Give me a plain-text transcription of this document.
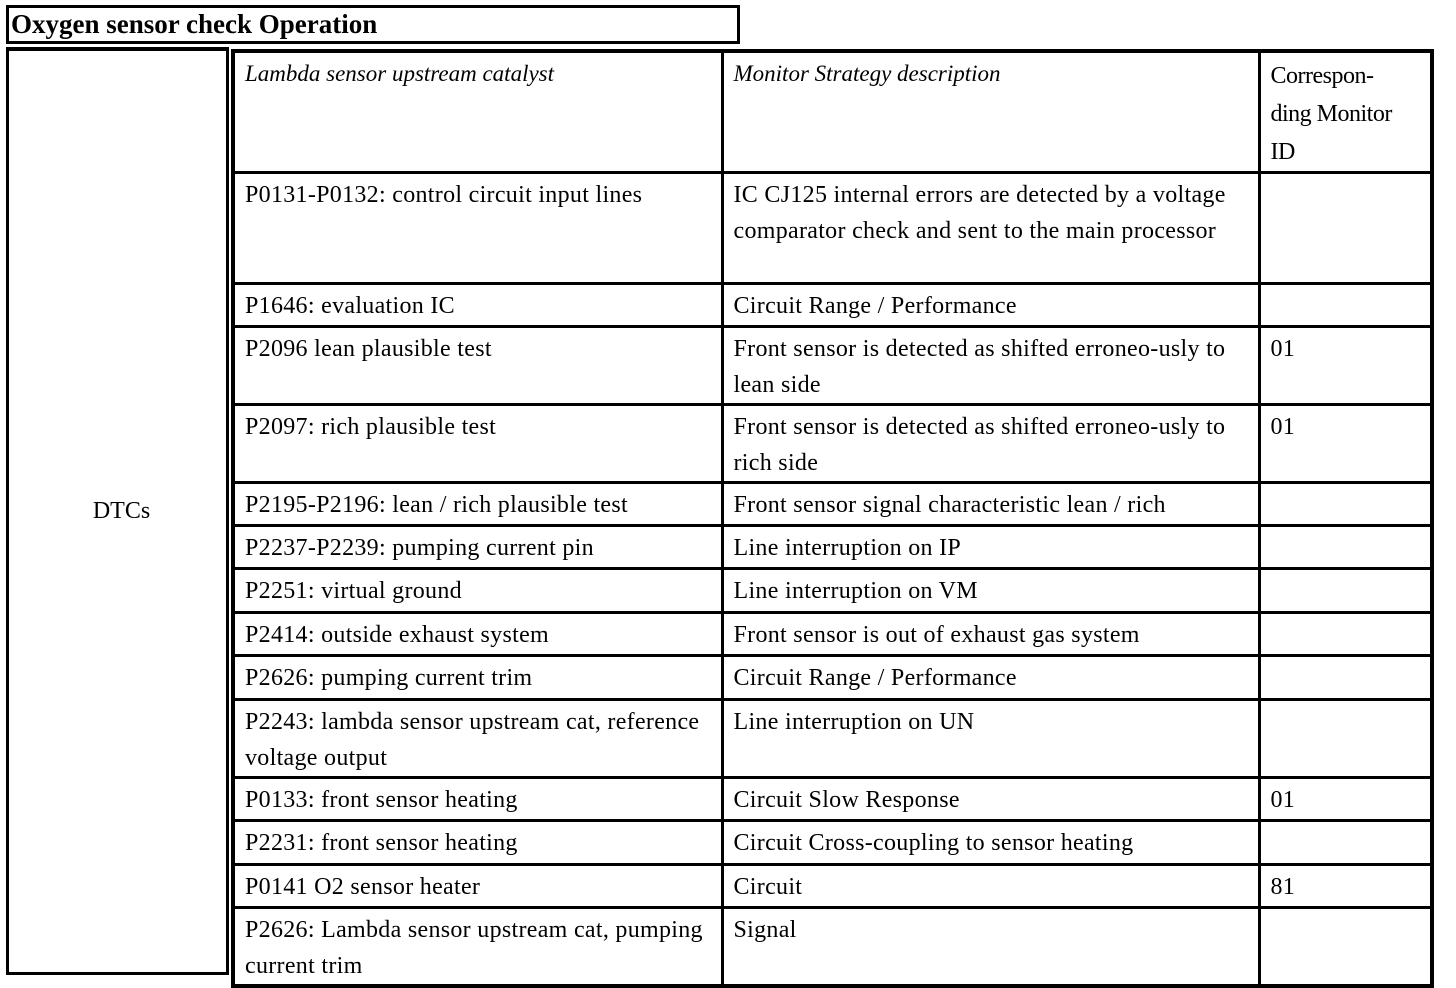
Oxygen sensor check Operation
DTCs
Lambda sensor upstream catalyst	Monitor Strategy description	Correspon-
ding Monitor
ID
P0131-P0132: control circuit input lines	IC CJ125 internal errors are detected by a voltage comparator check and sent to the main processor	
P1646: evaluation IC	Circuit Range / Performance	
P2096 lean plausible test	Front sensor is detected as shifted erroneo-usly to lean side	01
P2097: rich plausible test	Front sensor is detected as shifted erroneo-usly to rich side	01
P2195-P2196: lean / rich plausible test	Front sensor signal characteristic lean / rich	
P2237-P2239: pumping current pin	Line interruption on IP	
P2251: virtual ground	Line interruption on VM	
P2414: outside exhaust system	Front sensor is out of exhaust gas system	
P2626: pumping current trim	Circuit Range / Performance	
P2243: lambda sensor upstream cat, reference voltage output	Line interruption on UN	
P0133: front sensor heating	Circuit Slow Response	01
P2231: front sensor heating	Circuit Cross-coupling to sensor heating	
P0141 O2 sensor heater	Circuit	81
P2626: Lambda sensor upstream cat, pumping current trim	Signal	
